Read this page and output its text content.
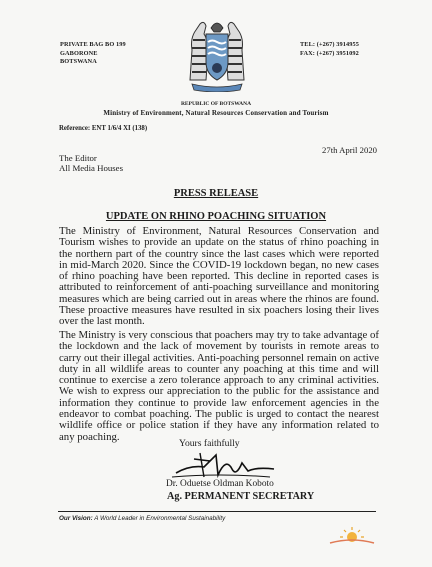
PRIVATE BAG BO 199
GABORONE
BOTSWANA
TEL: (+267) 3914955
FAX: (+267) 3951092
REPUBLIC OF BOTSWANA
Ministry of Environment, Natural Resources Conservation and Tourism
Reference: ENT 1/6/4 XI (138)
27th April 2020
The Editor
All Media Houses
PRESS RELEASE
UPDATE ON RHINO POACHING SITUATION
The Ministry of Environment, Natural Resources Conservation and Tourism wishes to provide an update on the status of rhino poaching in the northern part of the country since the last cases which were reported in mid-March 2020. Since the COVID-19 lockdown began, no new cases of rhino poaching have been reported. This decline in reported cases is attributed to reinforcement of anti-poaching surveillance and monitoring measures which are being carried out in areas where the rhinos are found. These proactive measures have resulted in six poachers losing their lives over the last month.
The Ministry is very conscious that poachers may try to take advantage of the lockdown and the lack of movement by tourists in remote areas to carry out their illegal activities. Anti-poaching personnel remain on active duty in all wildlife areas to counter any poaching at this time and will continue to exercise a zero tolerance approach to any criminal activities. We wish to express our appreciation to the public for the assistance and information they continue to provide law enforcement agencies in the endeavor to combat poaching. The public is urged to contact the nearest wildlife office or police station if they have any information related to any poaching.
Yours faithfully
Dr. Oduetse Oldman Koboto
Ag. PERMANENT SECRETARY
Our Vision: A World Leader in Environmental Sustainability
